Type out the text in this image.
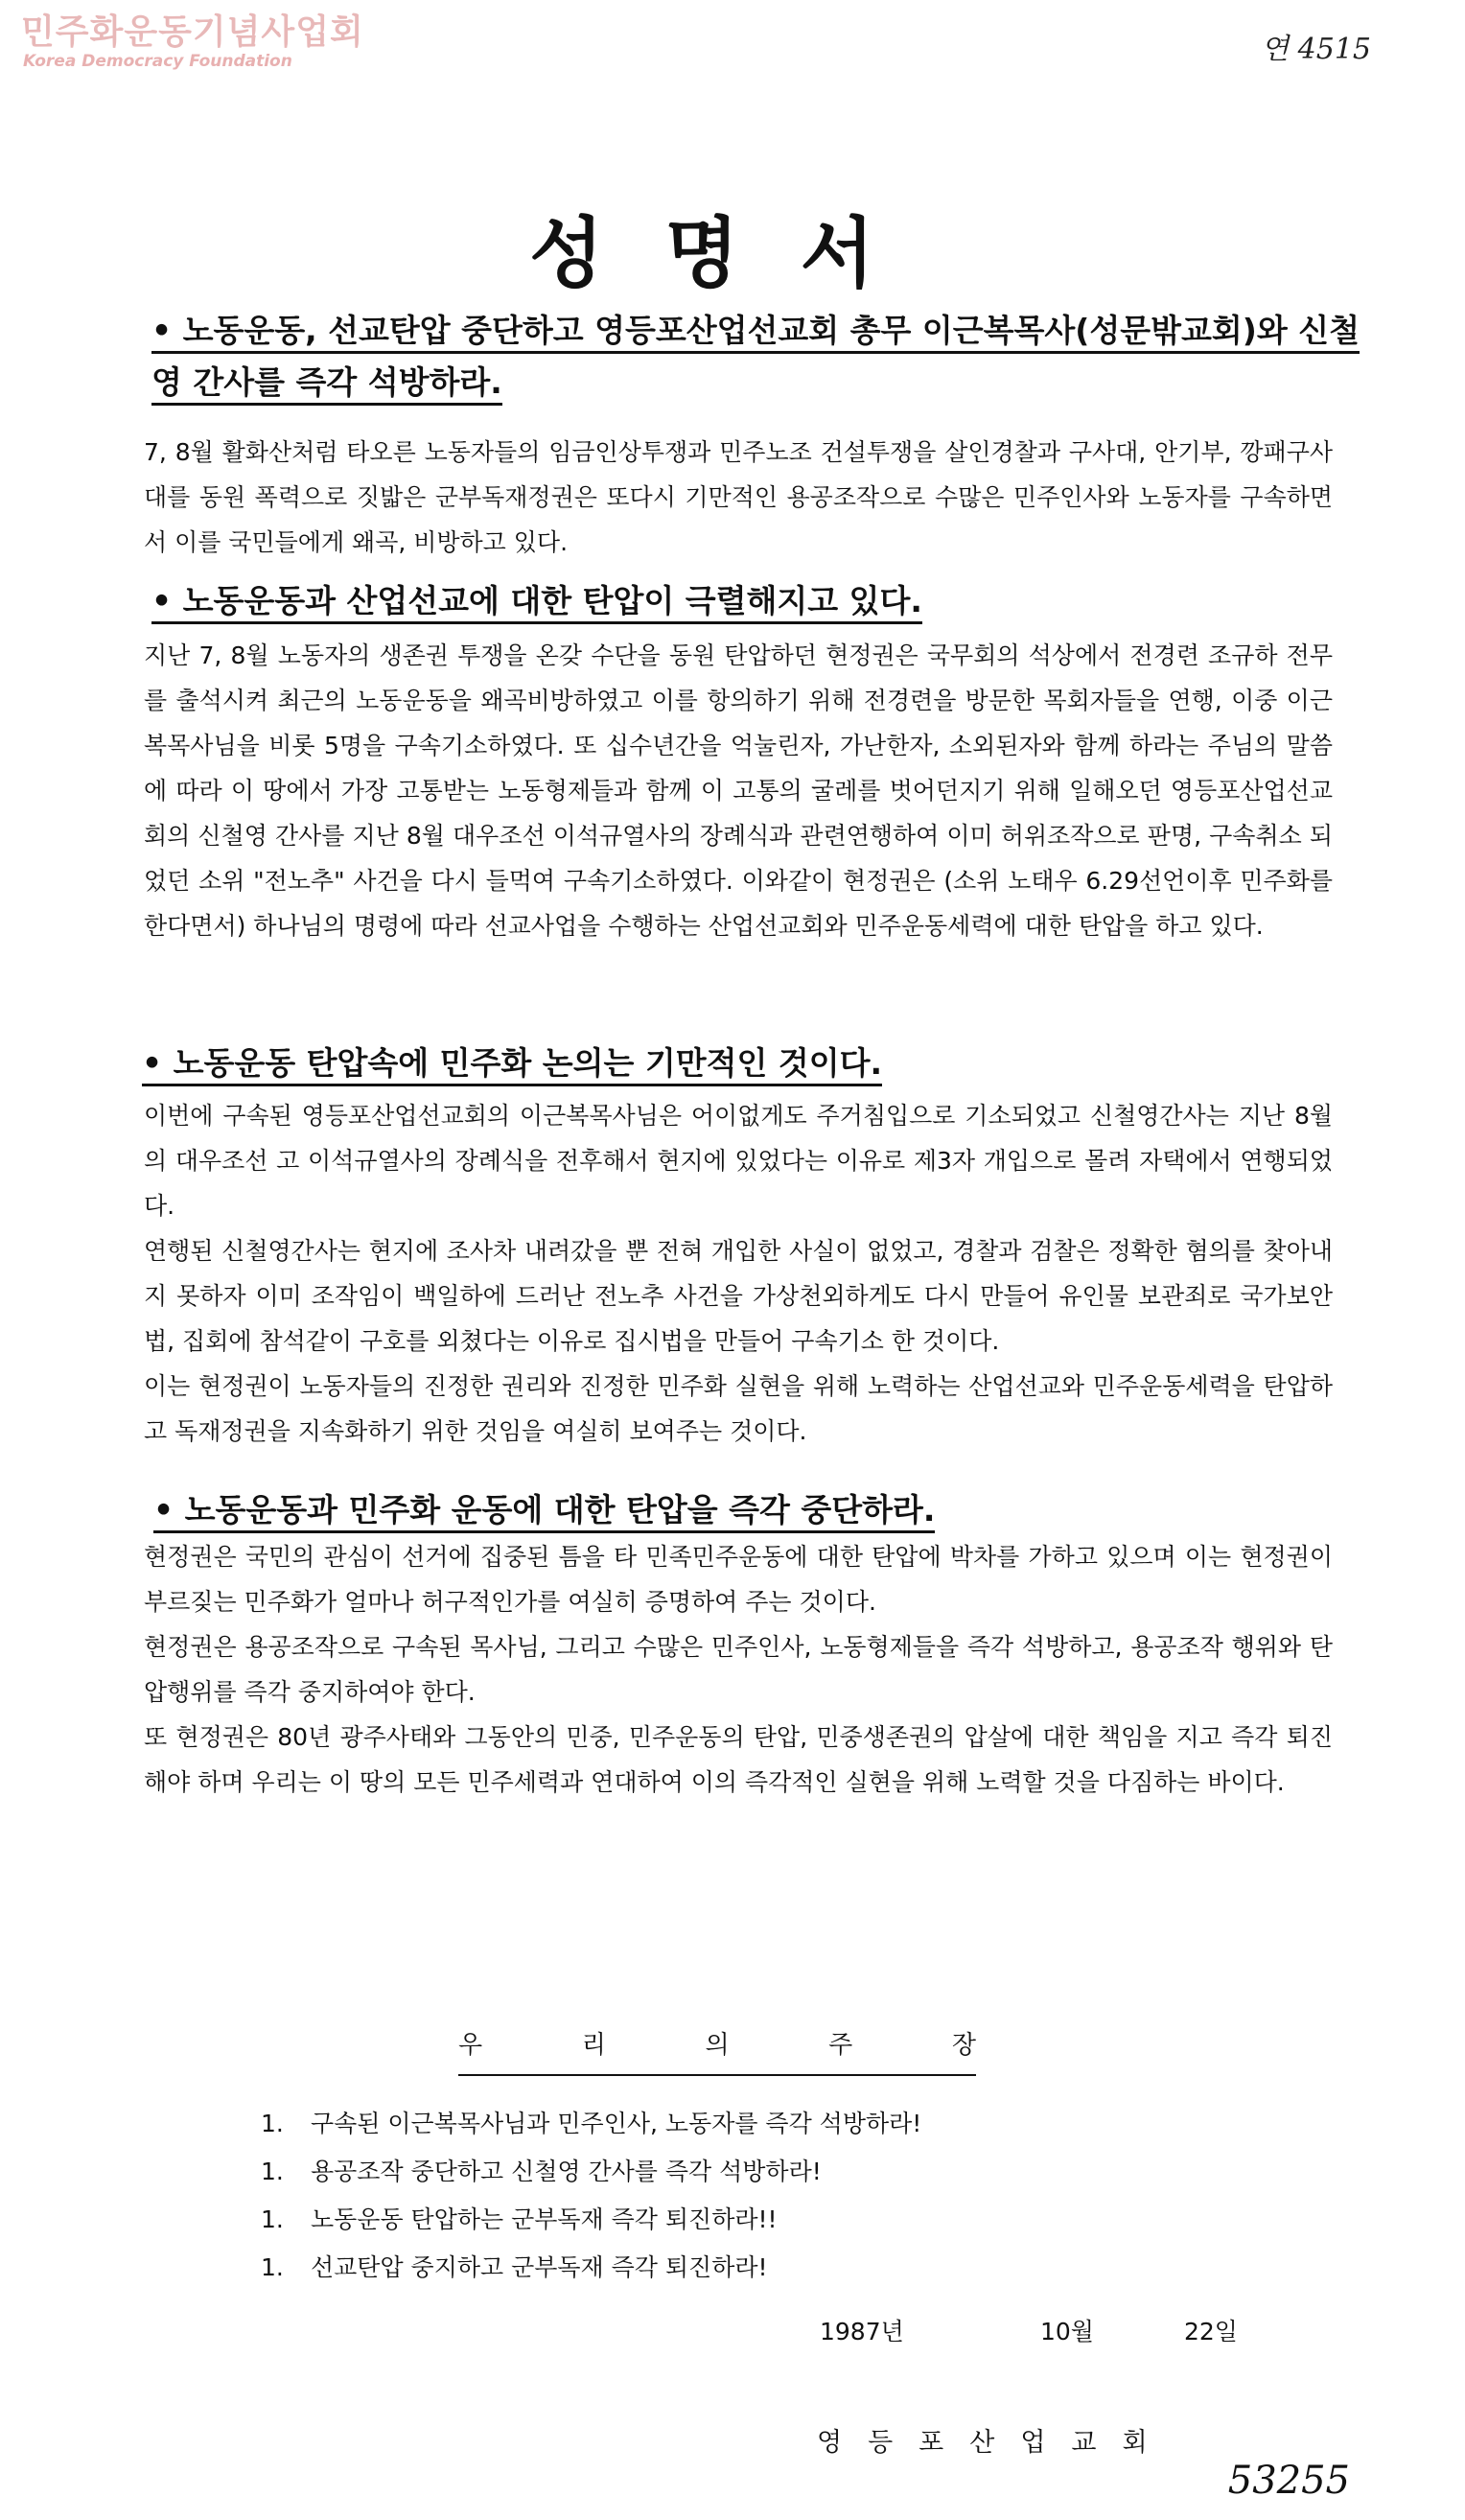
민주화운동기념사업회
Korea Democracy Foundation	연 4515
성명서
• 노동운동, 선교탄압 중단하고 영등포산업선교회 총무 이근복목사(성문밖교회)와 신철영 간사를 즉각 석방하라.

7, 8월 활화산처럼 타오른 노동자들의 임금인상투쟁과 민주노조 건설투쟁을 살인경찰과 구사대, 안기부, 깡패구사대를 동원 폭력으로 짓밟은 군부독재정권은 또다시 기만적인 용공조작으로 수많은 민주인사와 노동자를 구속하면서 이를 국민들에게 왜곡, 비방하고 있다.

• 노동운동과 산업선교에 대한 탄압이 극렬해지고 있다.

지난 7, 8월 노동자의 생존권 투쟁을 온갖 수단을 동원 탄압하던 현정권은 국무회의 석상에서 전경련 조규하 전무를 출석시켜 최근의 노동운동을 왜곡비방하였고 이를 항의하기 위해 전경련을 방문한 목회자들을 연행, 이중 이근복목사님을 비롯 5명을 구속기소하였다. 또 십수년간을 억눌린자, 가난한자, 소외된자와 함께 하라는 주님의 말씀에 따라 이 땅에서 가장 고통받는 노동형제들과 함께 이 고통의 굴레를 벗어던지기 위해 일해오던 영등포산업선교회의 신철영 간사를 지난 8월 대우조선 이석규열사의 장례식과 관련연행하여 이미 허위조작으로 판명, 구속취소 되었던 소위 "전노추" 사건을 다시 들먹여 구속기소하였다. 이와같이 현정권은 (소위 노태우 6.29선언이후 민주화를 한다면서) 하나님의 명령에 따라 선교사업을 수행하는 산업선교회와 민주운동세력에 대한 탄압을 하고 있다.

• 노동운동 탄압속에 민주화 논의는 기만적인 것이다.

이번에 구속된 영등포산업선교회의 이근복목사님은 어이없게도 주거침입으로 기소되었고 신철영간사는 지난 8월의 대우조선 고 이석규열사의 장례식을 전후해서 현지에 있었다는 이유로 제3자 개입으로 몰려 자택에서 연행되었다.

연행된 신철영간사는 현지에 조사차 내려갔을 뿐 전혀 개입한 사실이 없었고, 경찰과 검찰은 정확한 혐의를 찾아내지 못하자 이미 조작임이 백일하에 드러난 전노추 사건을 가상천외하게도 다시 만들어 유인물 보관죄로 국가보안법, 집회에 참석같이 구호를 외쳤다는 이유로 집시법을 만들어 구속기소 한 것이다.

이는 현정권이 노동자들의 진정한 권리와 진정한 민주화 실현을 위해 노력하는 산업선교와 민주운동세력을 탄압하고 독재정권을 지속화하기 위한 것임을 여실히 보여주는 것이다.

• 노동운동과 민주화 운동에 대한 탄압을 즉각 중단하라.

현정권은 국민의 관심이 선거에 집중된 틈을 타 민족민주운동에 대한 탄압에 박차를 가하고 있으며 이는 현정권이 부르짖는 민주화가 얼마나 허구적인가를 여실히 증명하여 주는 것이다.

현정권은 용공조작으로 구속된 목사님, 그리고 수많은 민주인사, 노동형제들을 즉각 석방하고, 용공조작 행위와 탄압행위를 즉각 중지하여야 한다.

또 현정권은 80년 광주사태와 그동안의 민중, 민주운동의 탄압, 민중생존권의 압살에 대한 책임을 지고 즉각 퇴진해야 하며 우리는 이 땅의 모든 민주세력과 연대하여 이의 즉각적인 실현을 위해 노력할 것을 다짐하는 바이다.

우	리	의	주	장
1. 구속된 이근복목사님과 민주인사, 노동자를 즉각 석방하라!
1. 용공조작 중단하고 신철영 간사를 즉각 석방하라!
1. 노동운동 탄압하는 군부독재 즉각 퇴진하라!!
1. 선교탄압 중지하고 군부독재 즉각 퇴진하라!
1987년	10월	22일
영등포산업교회
53255
